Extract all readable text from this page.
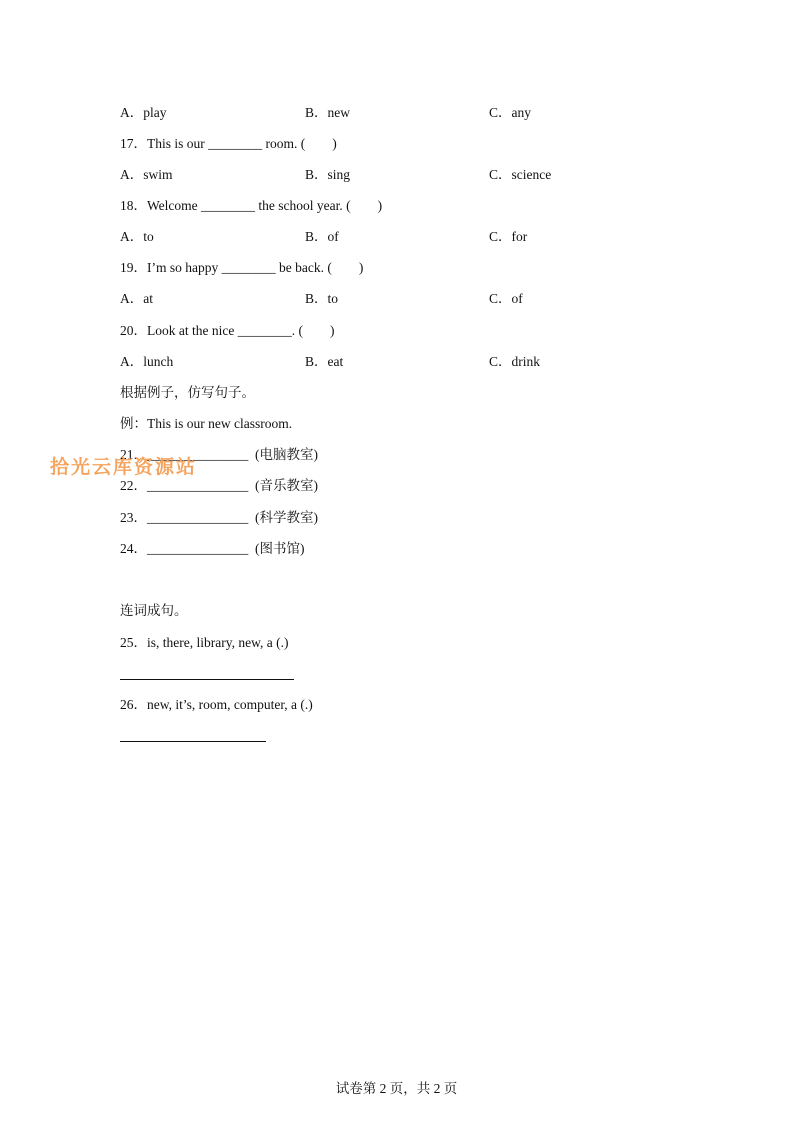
A．play	B．new	C．any
17．This is our ________ room. (　　)
A．swim	B．sing	C．science
18．Welcome ________ the school year. (　　)
A．to	B．of	C．for
19．I’m so happy ________ be back. (　　)
A．at	B．to	C．of
20．Look at the nice ________. (　　)
A．lunch	B．eat	C．drink
根据例子，仿写句子。
例：This is our new classroom.
21．_______________  (电脑教室)
22．_______________  (音乐教室)
23．_______________  (科学教室)
24．_______________  (图书馆)
拾光云库资源站
连词成句。
25．is, there, library, new, a (.)
26．new, it’s, room, computer, a (.)
试卷第 2 页，共 2 页
